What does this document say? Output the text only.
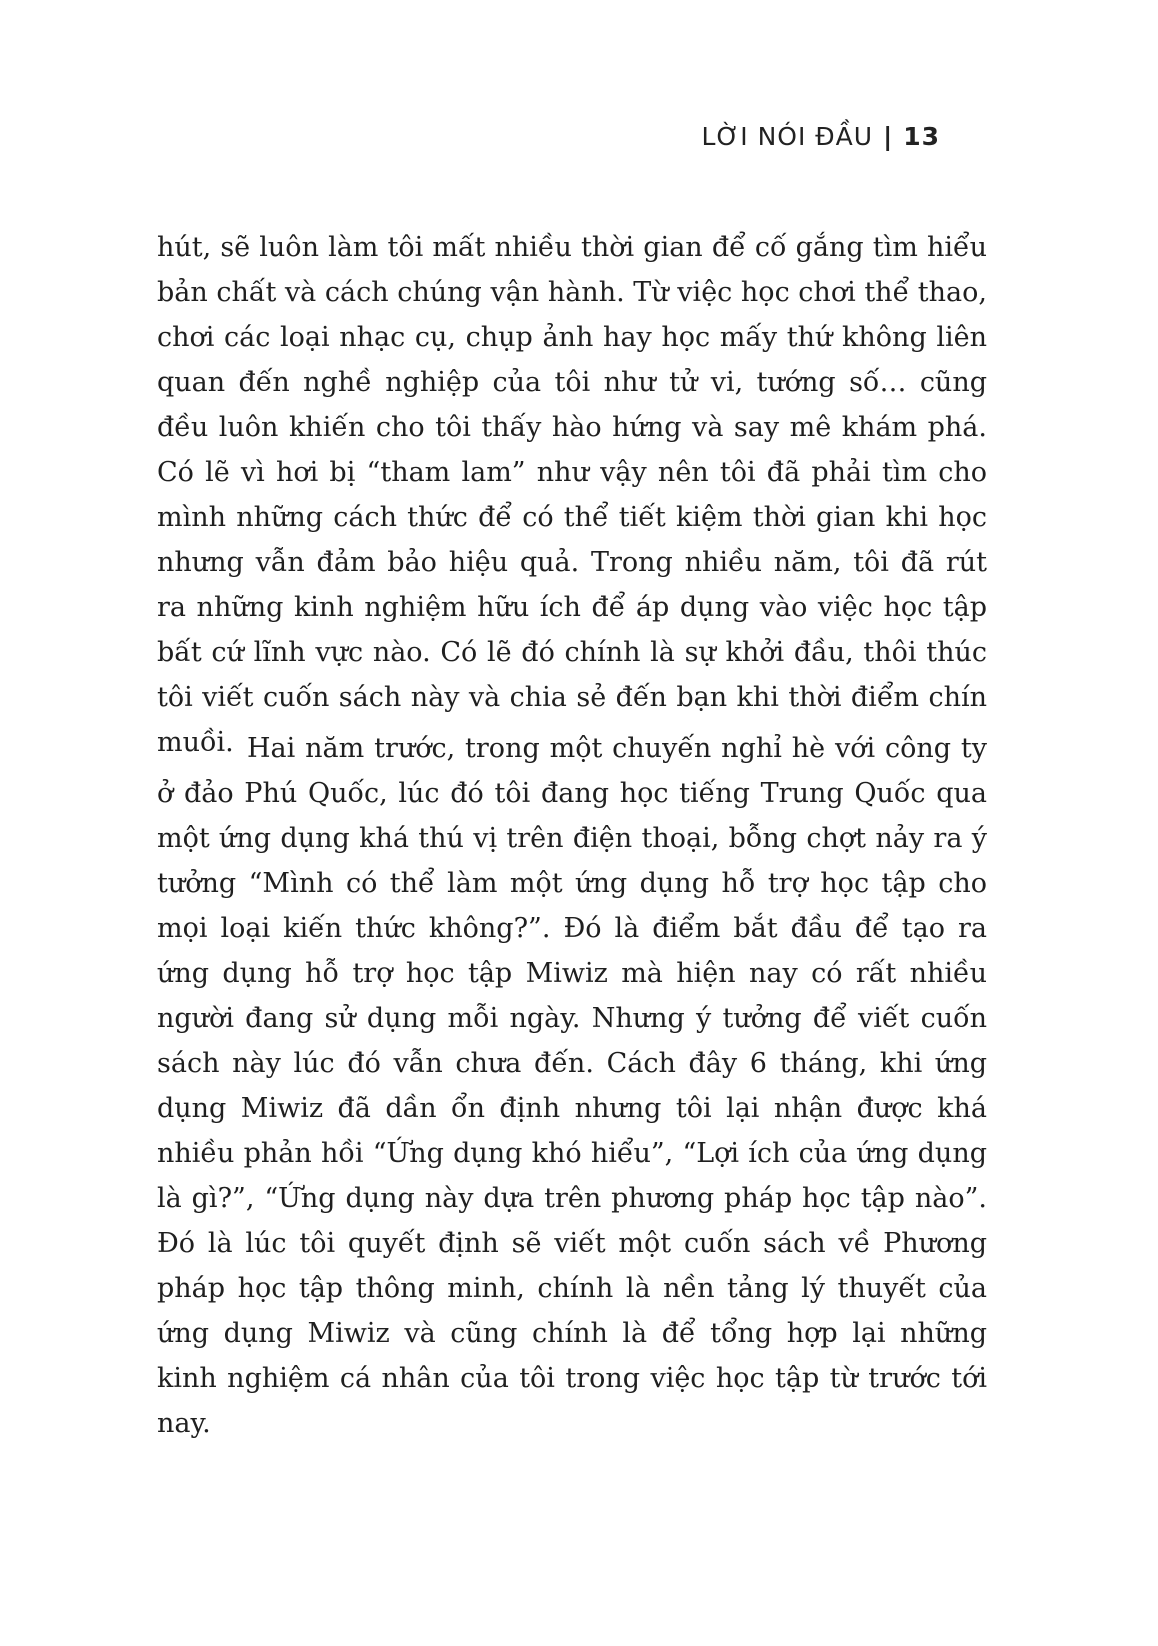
LỜI NÓI ĐẦU | 13

hút, sẽ luôn làm tôi mất nhiều thời gian để cố gắng tìm hiểu bản chất và cách chúng vận hành. Từ việc học chơi thể thao, chơi các loại nhạc cụ, chụp ảnh hay học mấy thứ không liên quan đến nghề nghiệp của tôi như tử vi, tướng số… cũng đều luôn khiến cho tôi thấy hào hứng và say mê khám phá. Có lẽ vì hơi bị “tham lam” như vậy nên tôi đã phải tìm cho mình những cách thức để có thể tiết kiệm thời gian khi học nhưng vẫn đảm bảo hiệu quả. Trong nhiều năm, tôi đã rút ra những kinh nghiệm hữu ích để áp dụng vào việc học tập bất cứ lĩnh vực nào. Có lẽ đó chính là sự khởi đầu, thôi thúc tôi viết cuốn sách này và chia sẻ đến bạn khi thời điểm chín muồi. Hai năm trước, trong một chuyến nghỉ hè với công ty ở đảo Phú Quốc, lúc đó tôi đang học tiếng Trung Quốc qua một ứng dụng khá thú vị trên điện thoại, bỗng chợt nảy ra ý tưởng “Mình có thể làm một ứng dụng hỗ trợ học tập cho mọi loại kiến thức không?”. Đó là điểm bắt đầu để tạo ra ứng dụng hỗ trợ học tập Miwiz mà hiện nay có rất nhiều người đang sử dụng mỗi ngày. Nhưng ý tưởng để viết cuốn sách này lúc đó vẫn chưa đến. Cách đây 6 tháng, khi ứng dụng Miwiz đã dần ổn định nhưng tôi lại nhận được khá nhiều phản hồi “Ứng dụng khó hiểu”, “Lợi ích của ứng dụng là gì?”, “Ứng dụng này dựa trên phương pháp học tập nào”. Đó là lúc tôi quyết định sẽ viết một cuốn sách về Phương pháp học tập thông minh, chính là nền tảng lý thuyết của ứng dụng Miwiz và cũng chính là để tổng hợp lại những kinh nghiệm cá nhân của tôi trong việc học tập từ trước tới nay.
